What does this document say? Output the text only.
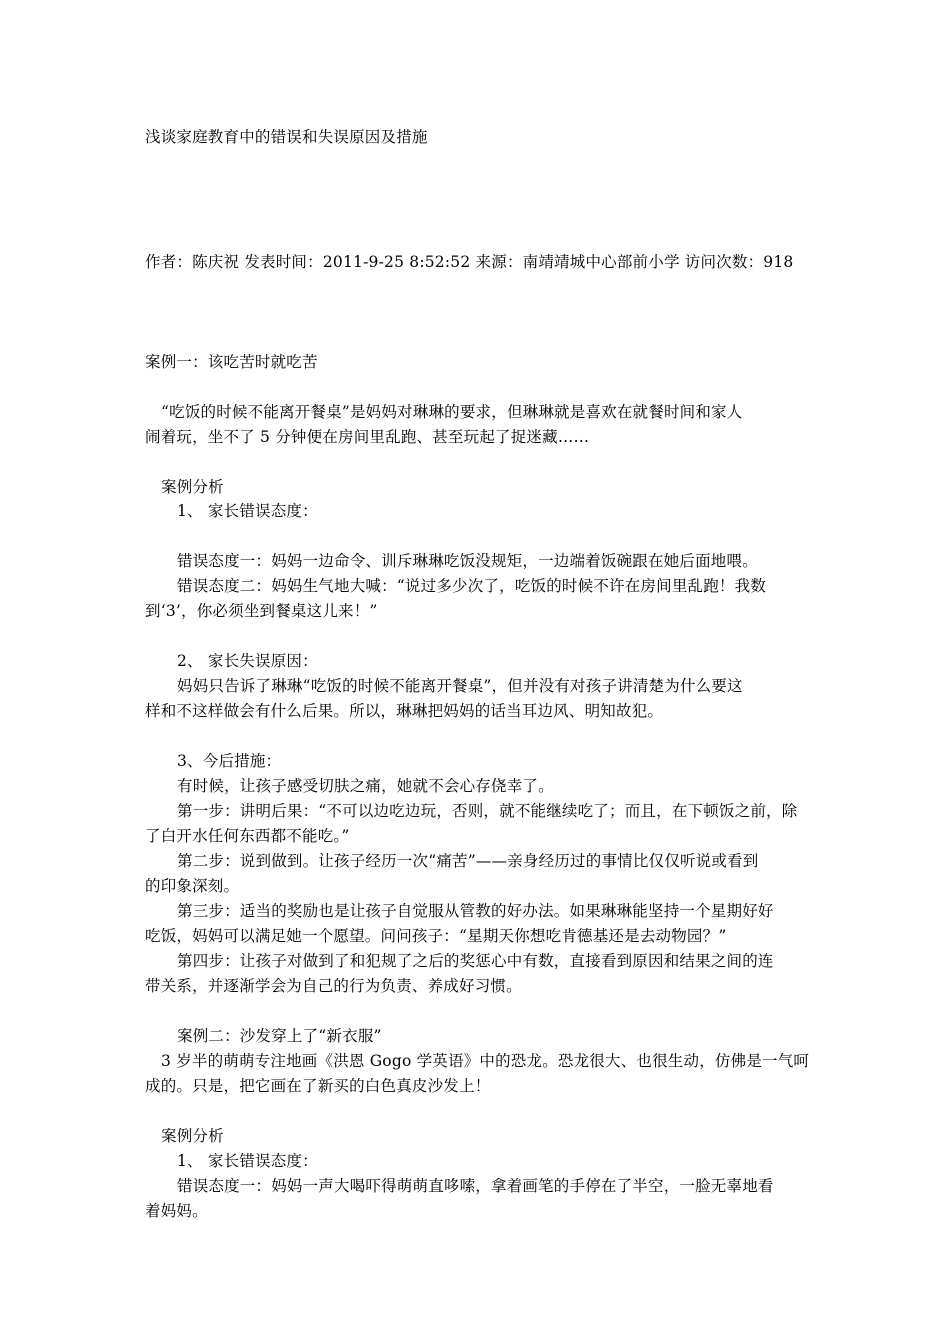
浅谈家庭教育中的错误和失误原因及措施
作者：陈庆祝 发表时间：2011-9-25 8:52:52 来源：南靖靖城中心部前小学 访问次数：918
案例一：该吃苦时就吃苦
“吃饭的时候不能离开餐桌”是妈妈对琳琳的要求，但琳琳就是喜欢在就餐时间和家人
闹着玩，坐不了 5 分钟便在房间里乱跑、甚至玩起了捉迷藏……
案例分析
1、 家长错误态度：
错误态度一：妈妈一边命令、训斥琳琳吃饭没规矩，一边端着饭碗跟在她后面地喂。
错误态度二：妈妈生气地大喊：“说过多少次了，吃饭的时候不许在房间里乱跑！我数
到‘3’，你必须坐到餐桌这儿来！”
2、 家长失误原因：
妈妈只告诉了琳琳“吃饭的时候不能离开餐桌”，但并没有对孩子讲清楚为什么要这
样和不这样做会有什么后果。所以，琳琳把妈妈的话当耳边风、明知故犯。
3、今后措施：
有时候，让孩子感受切肤之痛，她就不会心存侥幸了。
第一步：讲明后果：“不可以边吃边玩，否则，就不能继续吃了；而且，在下顿饭之前，除
了白开水任何东西都不能吃。”
第二步：说到做到。让孩子经历一次“痛苦”——亲身经历过的事情比仅仅听说或看到
的印象深刻。
第三步：适当的奖励也是让孩子自觉服从管教的好办法。如果琳琳能坚持一个星期好好
吃饭，妈妈可以满足她一个愿望。问问孩子：“星期天你想吃肯德基还是去动物园？”
第四步：让孩子对做到了和犯规了之后的奖惩心中有数，直接看到原因和结果之间的连
带关系，并逐渐学会为自己的行为负责、养成好习惯。
案例二：沙发穿上了“新衣服”
3 岁半的萌萌专注地画《洪恩 Gogo 学英语》中的恐龙。恐龙很大、也很生动，仿佛是一气呵
成的。只是，把它画在了新买的白色真皮沙发上！
案例分析
1、 家长错误态度：
错误态度一：妈妈一声大喝吓得萌萌直哆嗦，拿着画笔的手停在了半空，一脸无辜地看
着妈妈。
